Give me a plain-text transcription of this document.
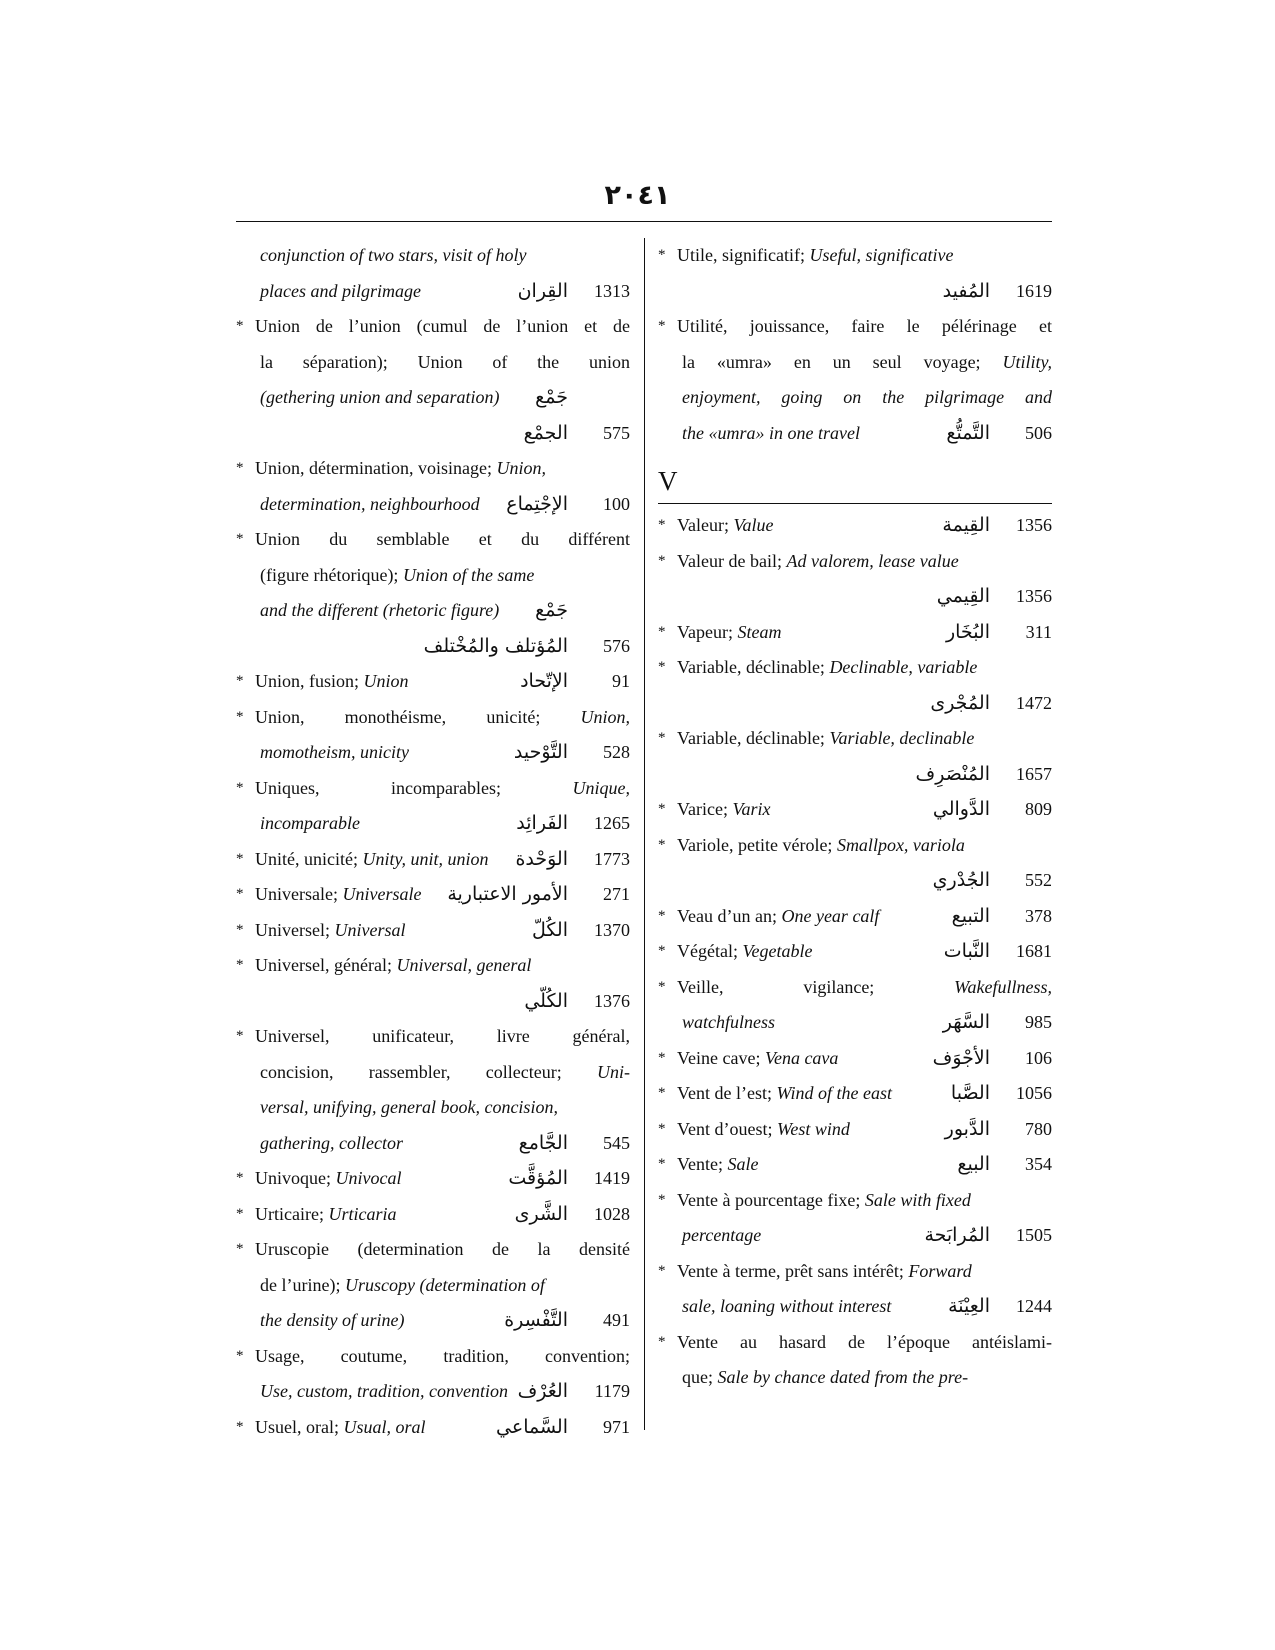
٢٠٤١
conjunction of two stars, visit of holy
places and pilgrimage	القِران	1313
* Union de l’union (cumul de l’union et de
la séparation); Union of the union
(gethering union and separation) جَمْع
الجمْع	575
* Union, détermination, voisinage; Union,
determination, neighbourhood الإجْتِماع	100
* Union du semblable et du différent
(figure rhétorique); Union of the same
and the different (rhetoric figure) جَمْع
المُؤتلف والمُخْتلف	576
* Union, fusion; Union	الإتّحاد	91
* Union, monothéisme, unicité; Union,
momotheism, unicity	التَّوْحيد	528
* Uniques, incomparables; Unique,
incomparable	الفَرائِد	1265
* Unité, unicité; Unity, unit, union الوَحْدة	1773
* Universale; Universale الأمور الاعتبارية	271
* Universel; Universal	الكُلّ	1370
* Universel, général; Universal, general
الكُلّي	1376
* Universel, unificateur, livre général,
concision, rassembler, collecteur; Uni-
versal, unifying, general book, concision,
gathering, collector	الجَّامع	545
* Univoque; Univocal	المُؤقَّت	1419
* Urticaire; Urticaria	الشَّرى	1028
* Uruscopie (determination de la densité
de l’urine); Uruscopy (determination of
the density of urine)	التَّفْسِرة	491
* Usage, coutume, tradition, convention;
Use, custom, tradition, convention العُرْف	1179
* Usuel, oral; Usual, oral	السَّماعي	971
* Utile, significatif; Useful, significative
المُفيد	1619
* Utilité, jouissance, faire le pélérinage et
la «umra» en un seul voyage; Utility,
enjoyment, going on the pilgrimage and
the «umra» in one travel	التَّمتُّع	506
V
* Valeur; Value	القِيمة	1356
* Valeur de bail; Ad valorem, lease value
القِيمي	1356
* Vapeur; Steam	البُخَار	311
* Variable, déclinable; Declinable, variable
المُجْرى	1472
* Variable, déclinable; Variable, declinable
المُنْصَرِف	1657
* Varice; Varix	الدَّوالي	809
* Variole, petite vérole; Smallpox, variola
الجُدْري	552
* Veau d’un an; One year calf	التبيع	378
* Végétal; Vegetable	النَّبات	1681
* Veille, vigilance; Wakefullness,
watchfulness	السَّهَر	985
* Veine cave; Vena cava	الأجْوَف	106
* Vent de l’est; Wind of the east	الصَّبا	1056
* Vent d’ouest; West wind	الدَّبور	780
* Vente; Sale	البيع	354
* Vente à pourcentage fixe; Sale with fixed
percentage	المُرابَحة	1505
* Vente à terme, prêt sans intérêt; Forward
sale, loaning without interest	العِيْنَة	1244
* Vente au hasard de l’époque antéislami-
que; Sale by chance dated from the pre-
